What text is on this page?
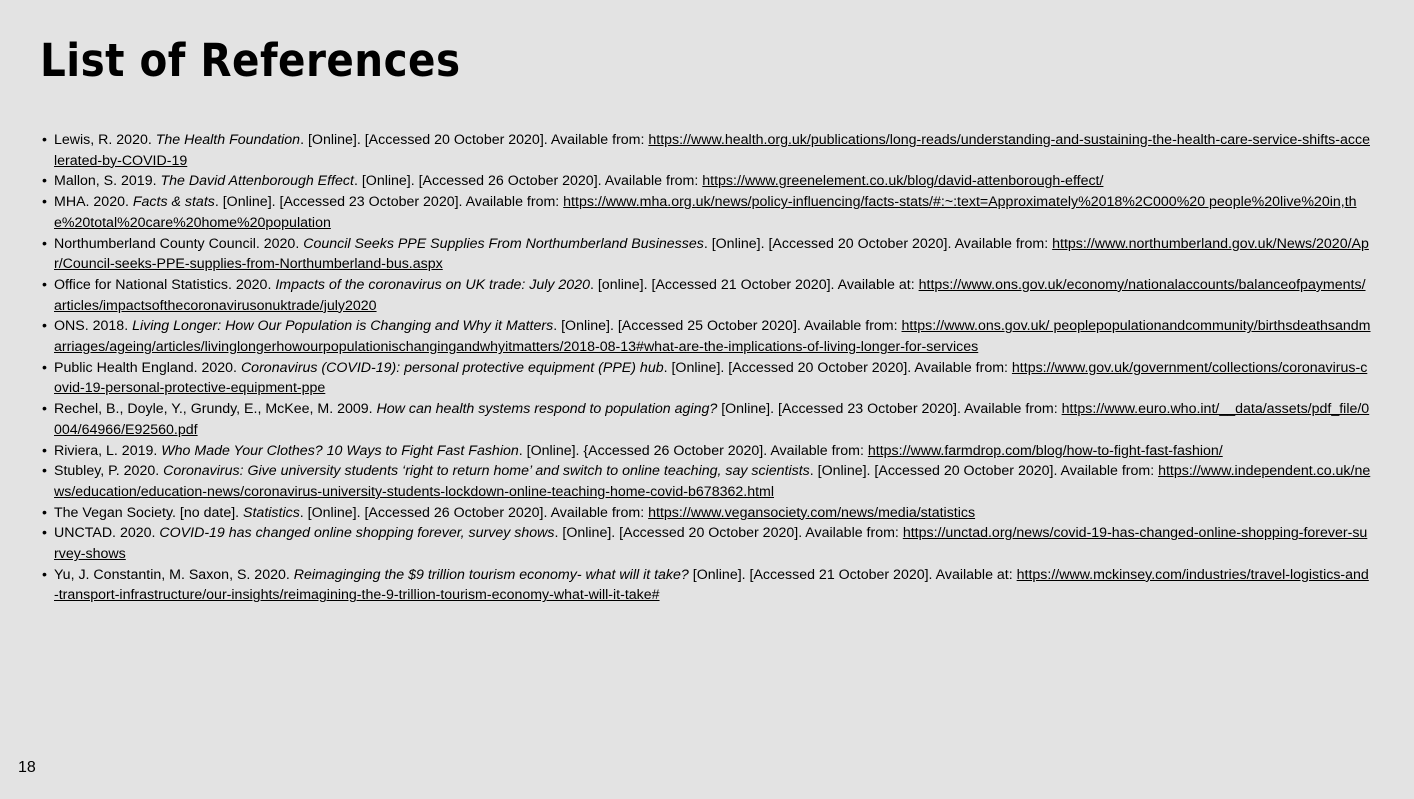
List of References
• Lewis, R. 2020. The Health Foundation. [Online]. [Accessed 20 October 2020]. Available from: https://www.health.org.uk/publications/long-reads/understanding-and-sustaining-the-health-care-service-shifts-accelerated-by-COVID-19
• Mallon, S. 2019. The David Attenborough Effect. [Online]. [Accessed 26 October 2020]. Available from: https://www.greenelement.co.uk/blog/david-attenborough-effect/
• MHA. 2020. Facts & stats. [Online]. [Accessed 23 October 2020]. Available from: https://www.mha.org.uk/news/policy-influencing/facts-stats/#:~:text=Approximately%2018%2C000%20 people%20live%20in,the%20total%20care%20home%20population
• Northumberland County Council. 2020. Council Seeks PPE Supplies From Northumberland Businesses. [Online]. [Accessed 20 October 2020]. Available from: https://www.northumberland.gov.uk/News/2020/Apr/Council-seeks-PPE-supplies-from-Northumberland-bus.aspx
• Office for National Statistics. 2020. Impacts of the coronavirus on UK trade: July 2020. [online]. [Accessed 21 October 2020]. Available at: https://www.ons.gov.uk/economy/nationalaccounts/balanceofpayments/articles/impactsofthecoronavirusonuktrade/july2020
• ONS. 2018. Living Longer: How Our Population is Changing and Why it Matters. [Online]. [Accessed 25 October 2020]. Available from: https://www.ons.gov.uk/ peoplepopulationandcommunity/birthsdeathsandmarriages/ageing/articles/livinglongerhowourpopulationischangingandwhyitmatters/2018-08-13#what-are-the-implications-of-living-longer-for-services
• Public Health England. 2020. Coronavirus (COVID-19): personal protective equipment (PPE) hub. [Online]. [Accessed 20 October 2020]. Available from: https://www.gov.uk/government/collections/coronavirus-covid-19-personal-protective-equipment-ppe
• Rechel, B., Doyle, Y., Grundy, E., McKee, M. 2009. How can health systems respond to population aging? [Online]. [Accessed 23 October 2020]. Available from: https://www.euro.who.int/__data/assets/pdf_file/0004/64966/E92560.pdf
• Riviera, L. 2019. Who Made Your Clothes? 10 Ways to Fight Fast Fashion. [Online]. {Accessed 26 October 2020]. Available from: https://www.farmdrop.com/blog/how-to-fight-fast-fashion/
• Stubley, P. 2020. Coronavirus: Give university students ‘right to return home’ and switch to online teaching, say scientists. [Online]. [Accessed 20 October 2020]. Available from: https://www.independent.co.uk/news/education/education-news/coronavirus-university-students-lockdown-online-teaching-home-covid-b678362.html
• The Vegan Society. [no date]. Statistics. [Online]. [Accessed 26 October 2020]. Available from: https://www.vegansociety.com/news/media/statistics
• UNCTAD. 2020. COVID-19 has changed online shopping forever, survey shows. [Online]. [Accessed 20 October 2020]. Available from: https://unctad.org/news/covid-19-has-changed-online-shopping-forever-survey-shows
• Yu, J. Constantin, M. Saxon, S. 2020. Reimaginging the $9 trillion tourism economy- what will it take? [Online]. [Accessed 21 October 2020]. Available at: https://www.mckinsey.com/industries/travel-logistics-and-transport-infrastructure/our-insights/reimagining-the-9-trillion-tourism-economy-what-will-it-take#
18
